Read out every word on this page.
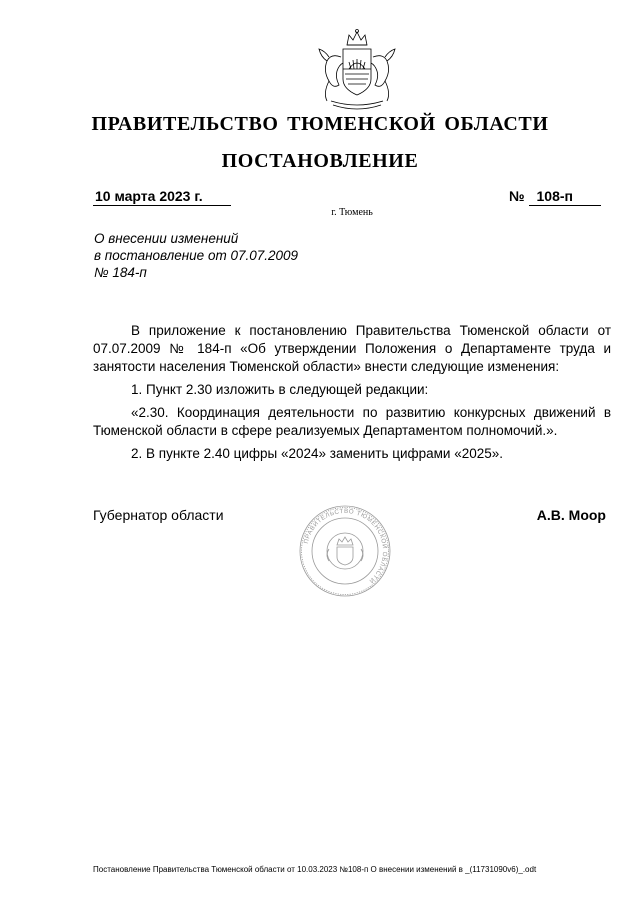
ПРАВИТЕЛЬСТВО ТЮМЕНСКОЙ ОБЛАСТИ
ПОСТАНОВЛЕНИЕ
10 марта 2023 г.	№ 108-п
г. Тюмень
О внесении изменений
в постановление от 07.07.2009
№ 184-п

В приложение к постановлению Правительства Тюменской области от 07.07.2009 № 184-п «Об утверждении Положения о Департаменте труда и занятости населения Тюменской области» внести следующие изменения:

1. Пункт 2.30 изложить в следующей редакции:

«2.30. Координация деятельности по развитию конкурсных движений в Тюменской области в сфере реализуемых Департаментом полномочий.».

2. В пункте 2.40 цифры «2024» заменить цифрами «2025».

Губернатор области
ПРАВИТЕЛЬСТВО ТЮМЕНСКОЙ ОБЛАСТИ
А.В. Моор
Постановление Правительства Тюменской области от 10.03.2023 №108-п О внесении изменений в _(11731090v6)_.odt
